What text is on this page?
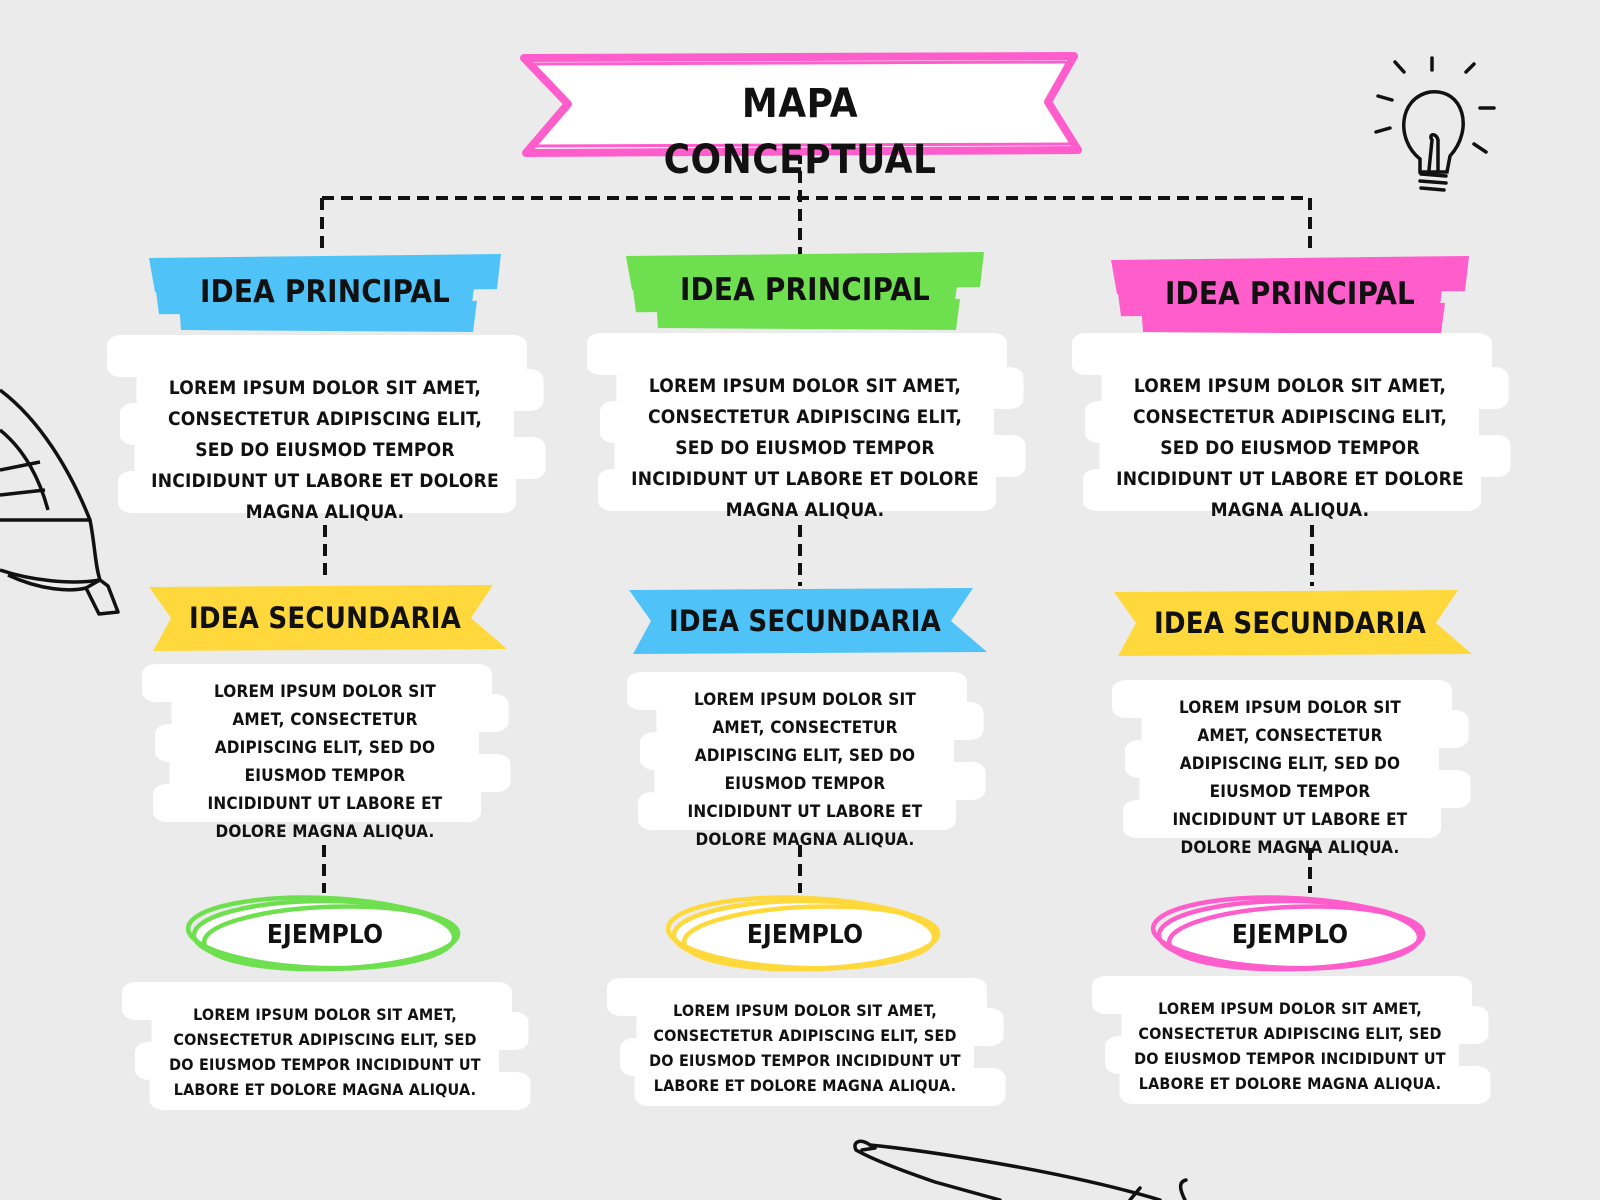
MAPA CONCEPTUAL
IDEA PRINCIPAL
LOREM IPSUM DOLOR SIT AMET, CONSECTETUR ADIPISCING ELIT, SED DO EIUSMOD TEMPOR INCIDIDUNT UT LABORE ET DOLORE MAGNA ALIQUA.
IDEA SECUNDARIA
LOREM IPSUM DOLOR SIT AMET, CONSECTETUR ADIPISCING ELIT, SED DO EIUSMOD TEMPOR INCIDIDUNT UT LABORE ET DOLORE MAGNA ALIQUA.
EJEMPLO
LOREM IPSUM DOLOR SIT AMET, CONSECTETUR ADIPISCING ELIT, SED DO EIUSMOD TEMPOR INCIDIDUNT UT LABORE ET DOLORE MAGNA ALIQUA.
IDEA PRINCIPAL
LOREM IPSUM DOLOR SIT AMET, CONSECTETUR ADIPISCING ELIT, SED DO EIUSMOD TEMPOR INCIDIDUNT UT LABORE ET DOLORE MAGNA ALIQUA.
IDEA SECUNDARIA
LOREM IPSUM DOLOR SIT AMET, CONSECTETUR ADIPISCING ELIT, SED DO EIUSMOD TEMPOR INCIDIDUNT UT LABORE ET DOLORE MAGNA ALIQUA.
EJEMPLO
LOREM IPSUM DOLOR SIT AMET, CONSECTETUR ADIPISCING ELIT, SED DO EIUSMOD TEMPOR INCIDIDUNT UT LABORE ET DOLORE MAGNA ALIQUA.
IDEA PRINCIPAL
LOREM IPSUM DOLOR SIT AMET, CONSECTETUR ADIPISCING ELIT, SED DO EIUSMOD TEMPOR INCIDIDUNT UT LABORE ET DOLORE MAGNA ALIQUA.
IDEA SECUNDARIA
LOREM IPSUM DOLOR SIT AMET, CONSECTETUR ADIPISCING ELIT, SED DO EIUSMOD TEMPOR INCIDIDUNT UT LABORE ET DOLORE MAGNA ALIQUA.
EJEMPLO
LOREM IPSUM DOLOR SIT AMET, CONSECTETUR ADIPISCING ELIT, SED DO EIUSMOD TEMPOR INCIDIDUNT UT LABORE ET DOLORE MAGNA ALIQUA.
